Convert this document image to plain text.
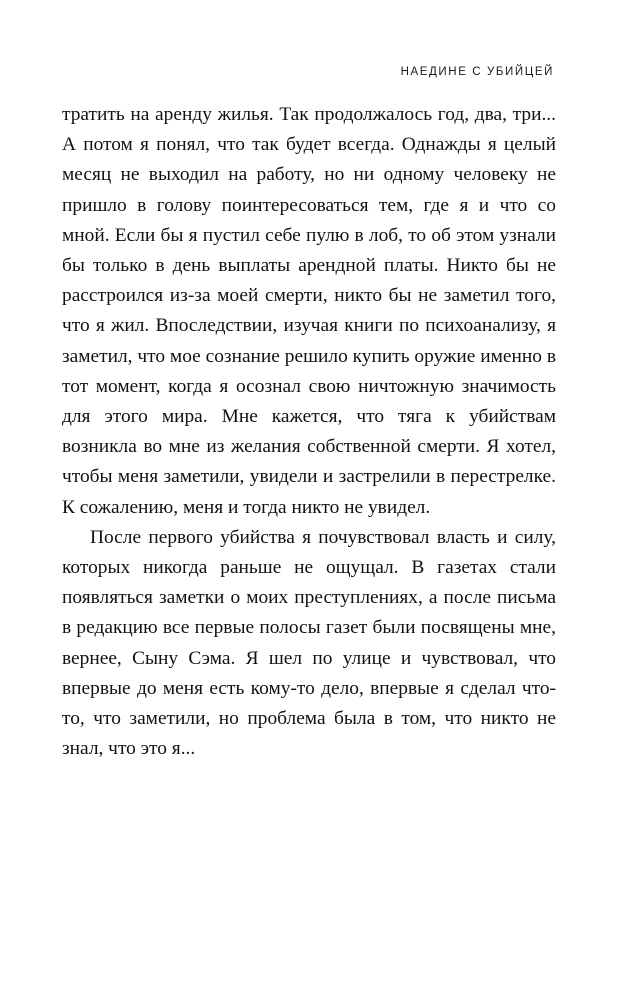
НАЕДИНЕ С УБИЙЦЕЙ

тратить на аренду жилья. Так продолжалось год, два, три... А потом я понял, что так будет всегда. Однажды я целый месяц не выходил на работу, но ни одному человеку не пришло в голову поинтересоваться тем, где я и что со мной. Если бы я пустил себе пулю в лоб, то об этом узнали бы только в день выплаты арендной платы. Никто бы не расстроился из-за моей смерти, никто бы не заметил того, что я жил. Впоследствии, изучая книги по психоанализу, я заметил, что мое сознание решило купить оружие именно в тот момент, когда я осознал свою ничтожную значимость для этого мира. Мне кажется, что тяга к убийствам возникла во мне из желания собственной смерти. Я хотел, чтобы меня заметили, увидели и застрелили в перестрелке. К сожалению, меня и тогда никто не увидел.

После первого убийства я почувствовал власть и силу, которых никогда раньше не ощущал. В газетах стали появляться заметки о моих преступлениях, а после письма в редакцию все первые полосы газет были посвящены мне, вернее, Сыну Сэма. Я шел по улице и чувствовал, что впервые до меня есть кому-то дело, впервые я сделал что-то, что заметили, но проблема была в том, что никто не знал, что это я...
